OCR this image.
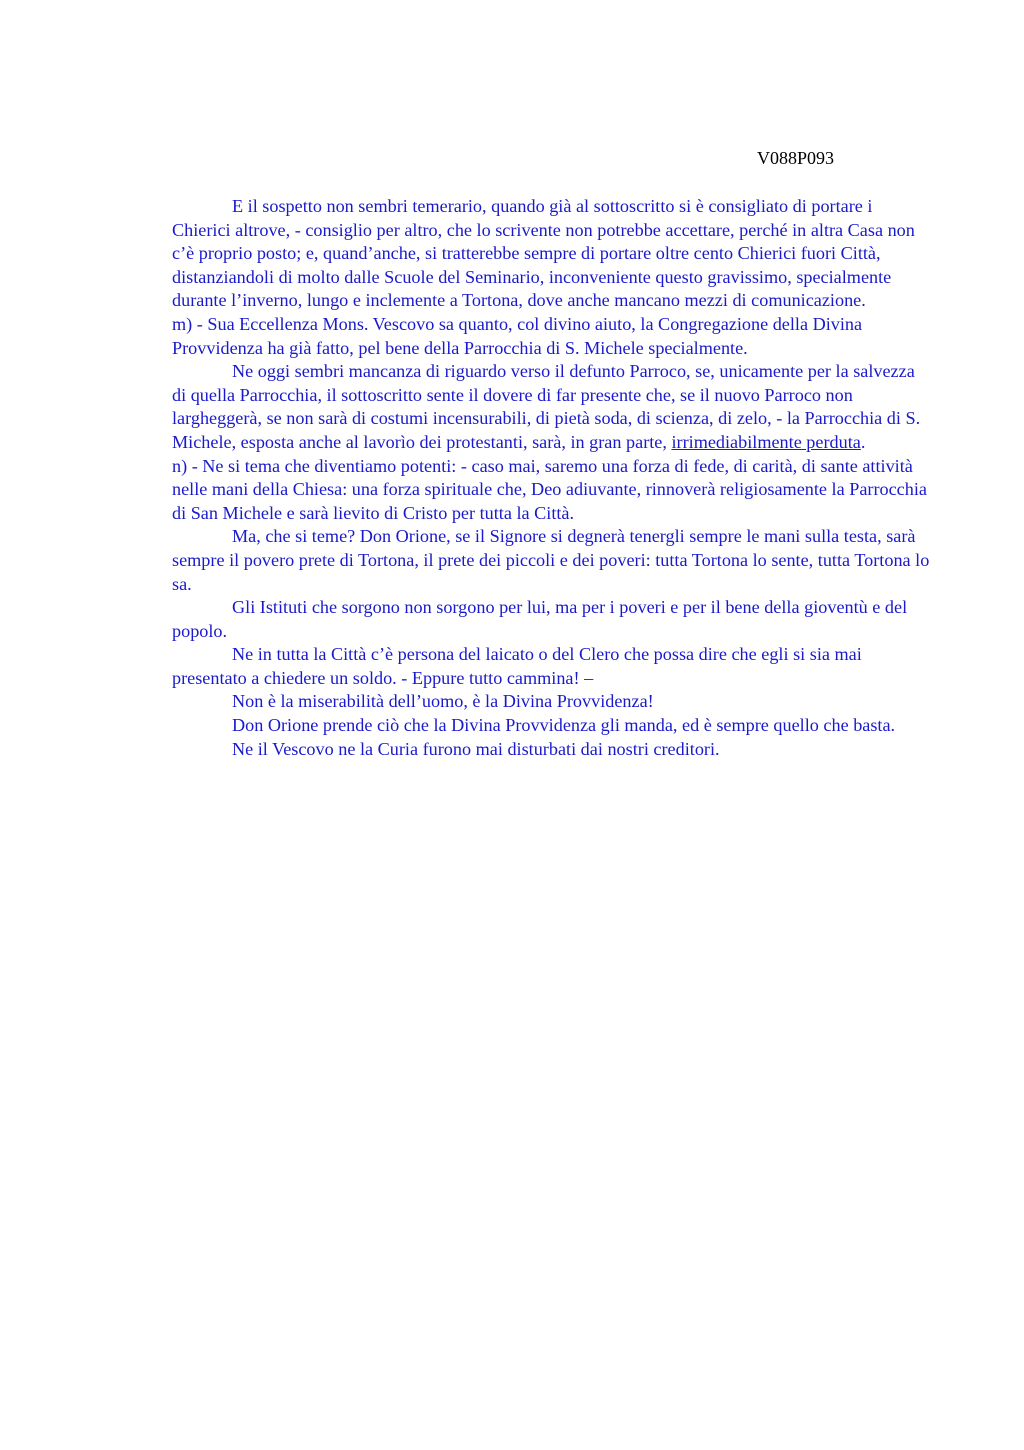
V088P093

E il sospetto non sembri temerario, quando già al sottoscritto si è consigliato di portare i Chierici altrove, - consiglio per altro, che lo scrivente non potrebbe accettare, perché in altra Casa non c’è proprio posto; e, quand’anche, si tratterebbe sempre di portare oltre cento Chierici fuori Città, distanziandoli di molto dalle Scuole del Seminario, inconveniente questo gravissimo, specialmente durante l’inverno, lungo e inclemente a Tortona, dove anche mancano mezzi di comunicazione.

m) - Sua Eccellenza Mons. Vescovo sa quanto, col divino aiuto, la Congregazione della Divina Provvidenza ha già fatto, pel bene della Parrocchia di S. Michele specialmente.

Ne oggi sembri mancanza di riguardo verso il defunto Parroco, se, unicamente per la salvezza di quella Parrocchia, il sottoscritto sente il dovere di far presente che, se il nuovo Parroco non largheggerà, se non sarà di costumi incensurabili, di pietà soda, di scienza, di zelo, - la Parrocchia di S. Michele, esposta anche al lavorìo dei protestanti, sarà, in gran parte, irrimediabilmente perduta.

n) - Ne si tema che diventiamo potenti: - caso mai, saremo una forza di fede, di carità, di sante attività nelle mani della Chiesa: una forza spirituale che, Deo adiuvante, rinnoverà religiosamente la Parrocchia di San Michele e sarà lievito di Cristo per tutta la Città.

Ma, che si teme? Don Orione, se il Signore si degnerà tenergli sempre le mani sulla testa, sarà sempre il povero prete di Tortona, il prete dei piccoli e dei poveri: tutta Tortona lo sente, tutta Tortona lo sa.

Gli Istituti che sorgono non sorgono per lui, ma per i poveri e per il bene della gioventù e del popolo.

Ne in tutta la Città c’è persona del laicato o del Clero che possa dire che egli si sia mai presentato a chiedere un soldo. - Eppure tutto cammina! –

Non è la miserabilità dell’uomo, è la Divina Provvidenza!

Don Orione prende ciò che la Divina Provvidenza gli manda, ed è sempre quello che basta.

Ne il Vescovo ne la Curia furono mai disturbati dai nostri creditori.
